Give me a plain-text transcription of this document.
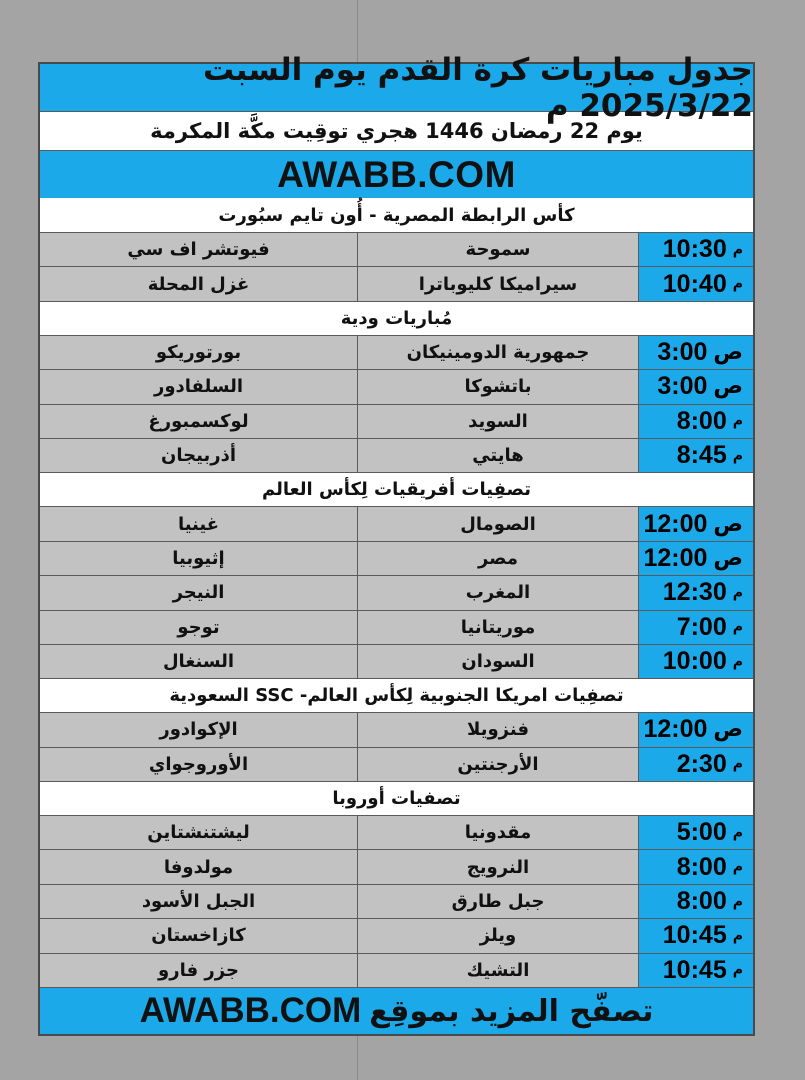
جدول مباريات كرة القدم يوم السبت 2025/3/22 م
يوم 22 رمضان 1446 هجري توقِيت مكَّة المكرمة
AWABB.COM
كأس الرابطة المصرية - أُون تايم سبُورت
م
10:30
سموحة
فيوتشر اف سي
م
10:40
سيراميكا كليوباترا
غزل المحلة
مُباريات ودية
ص
3:00
جمهورية الدومينيكان
بورتوريكو
ص
3:00
باتشوكا
السلفادور
م
8:00
السويد
لوكسمبورغ
م
8:45
هايتي
أذربيجان
تصفِيات أفريقيات لِكأس العالم
ص
12:00
الصومال
غينيا
ص
12:00
مصر
إثيوبيا
م
12:30
المغرب
النيجر
م
7:00
موريتانيا
توجو
م
10:00
السودان
السنغال
تصفِيات امريكا الجنوبية لِكأس العالم- SSC السعودية
ص
12:00
فنزويلا
الإكوادور
م
2:30
الأرجنتين
الأوروجواي
تصفيات أوروبا
م
5:00
مقدونيا
ليشتنشتاين
م
8:00
النرويج
مولدوفا
م
8:00
جبل طارق
الجبل الأسود
م
10:45
ويلز
كازاخستان
م
10:45
التشيك
جزر فارو
تصفّح المزيد بموقِع
AWABB.COM
